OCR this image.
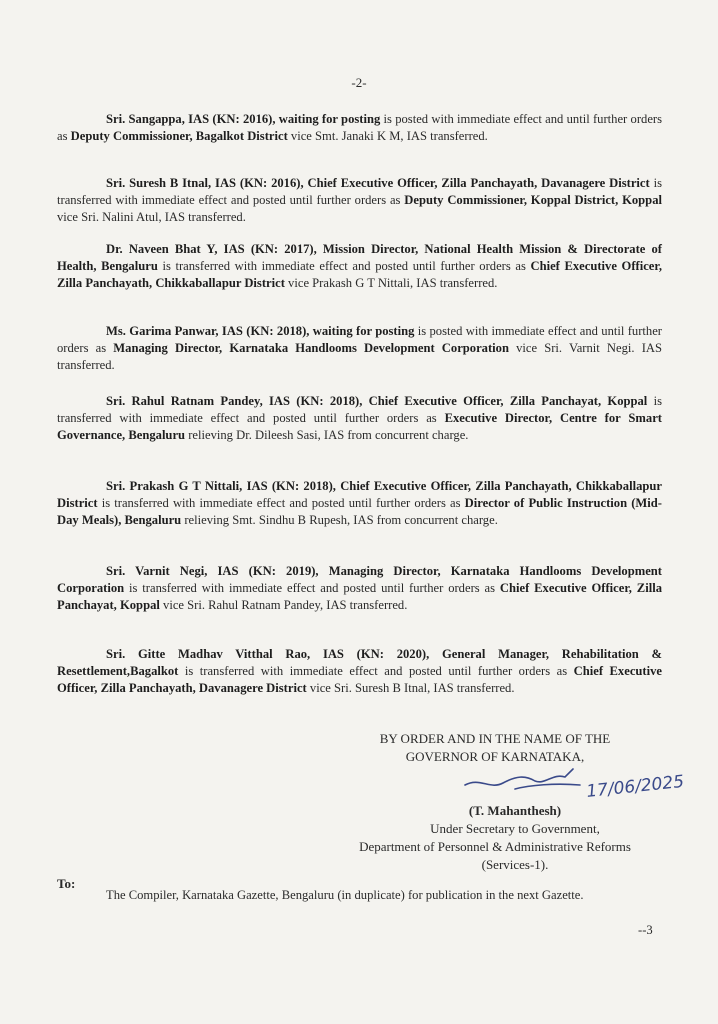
-2-

Sri. Sangappa, IAS (KN: 2016), waiting for posting is posted with immediate effect and until further orders as Deputy Commissioner, Bagalkot District vice Smt. Janaki K M, IAS transferred.

Sri. Suresh B Itnal, IAS (KN: 2016), Chief Executive Officer, Zilla Panchayath, Davanagere District is transferred with immediate effect and posted until further orders as Deputy Commissioner, Koppal District, Koppal vice Sri. Nalini Atul, IAS transferred.

Dr. Naveen Bhat Y, IAS (KN: 2017), Mission Director, National Health Mission & Directorate of Health, Bengaluru is transferred with immediate effect and posted until further orders as Chief Executive Officer, Zilla Panchayath, Chikkaballapur District vice Prakash G T Nittali, IAS transferred.

Ms. Garima Panwar, IAS (KN: 2018), waiting for posting is posted with immediate effect and until further orders as Managing Director, Karnataka Handlooms Development Corporation vice Sri. Varnit Negi. IAS transferred.

Sri. Rahul Ratnam Pandey, IAS (KN: 2018), Chief Executive Officer, Zilla Panchayat, Koppal is transferred with immediate effect and posted until further orders as Executive Director, Centre for Smart Governance, Bengaluru relieving Dr. Dileesh Sasi, IAS from concurrent charge.

Sri. Prakash G T Nittali, IAS (KN: 2018), Chief Executive Officer, Zilla Panchayath, Chikkaballapur District is transferred with immediate effect and posted until further orders as Director of Public Instruction (Mid-Day Meals), Bengaluru relieving Smt. Sindhu B Rupesh, IAS from concurrent charge.

Sri. Varnit Negi, IAS (KN: 2019), Managing Director, Karnataka Handlooms Development Corporation is transferred with immediate effect and posted until further orders as Chief Executive Officer, Zilla Panchayat, Koppal vice Sri. Rahul Ratnam Pandey, IAS transferred.

Sri. Gitte Madhav Vitthal Rao, IAS (KN: 2020), General Manager, Rehabilitation & Resettlement,Bagalkot is transferred with immediate effect and posted until further orders as Chief Executive Officer, Zilla Panchayath, Davanagere District vice Sri. Suresh B Itnal, IAS transferred.

BY ORDER AND IN THE NAME OF THE
GOVERNOR OF KARNATAKA,
17/06/2025
(T. Mahanthesh)
Under Secretary to Government,
Department of Personnel & Administrative Reforms
(Services-1).
To:

The Compiler, Karnataka Gazette, Bengaluru (in duplicate) for publication in the next Gazette.

--3
